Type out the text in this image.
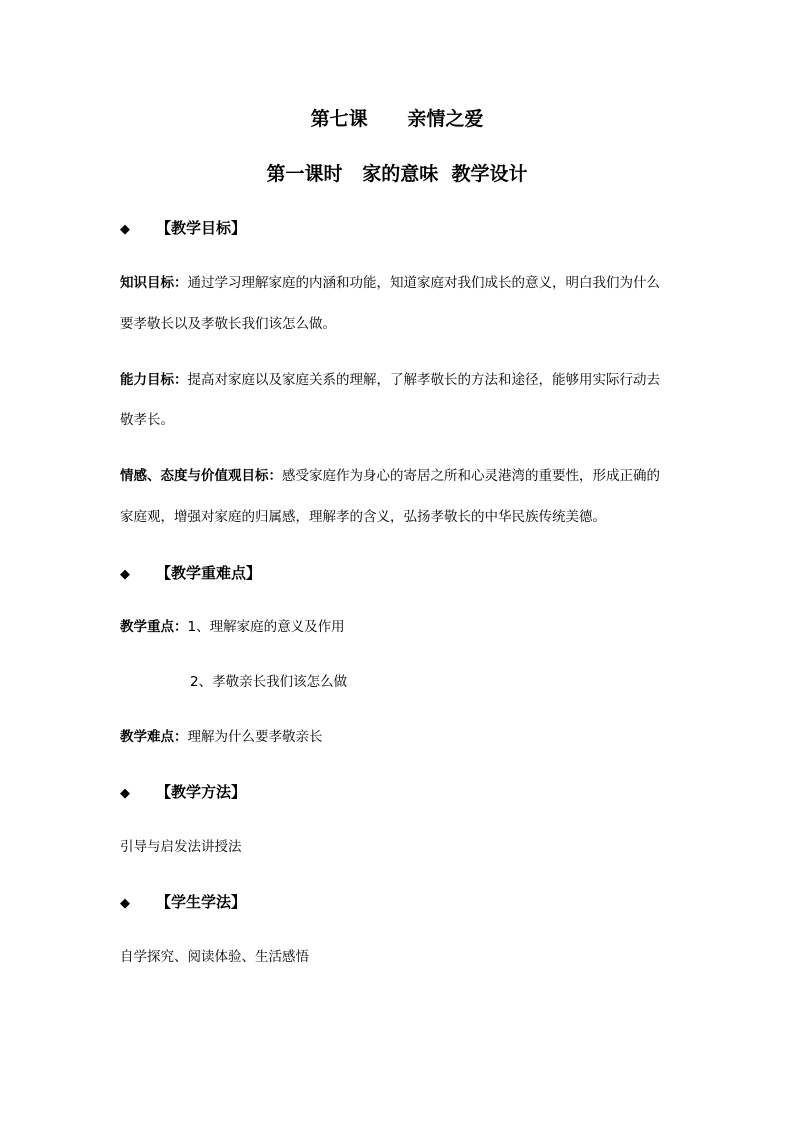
第七课      亲情之爱
第一课时   家的意味  教学设计
◆ 【教学目标】
知识目标：通过学习理解家庭的内涵和功能，知道家庭对我们成长的意义，明白我们为什么
要孝敬长以及孝敬长我们该怎么做。
能力目标：提高对家庭以及家庭关系的理解，了解孝敬长的方法和途径，能够用实际行动去
敬孝长。
情感、态度与价值观目标：感受家庭作为身心的寄居之所和心灵港湾的重要性，形成正确的
家庭观，增强对家庭的归属感，理解孝的含义，弘扬孝敬长的中华民族传统美德。
◆ 【教学重难点】
教学重点：1、理解家庭的意义及作用
2、孝敬亲长我们该怎么做
教学难点：理解为什么要孝敬亲长
◆ 【教学方法】
引导与启发法讲授法
◆ 【学生学法】
自学探究、阅读体验、生活感悟
